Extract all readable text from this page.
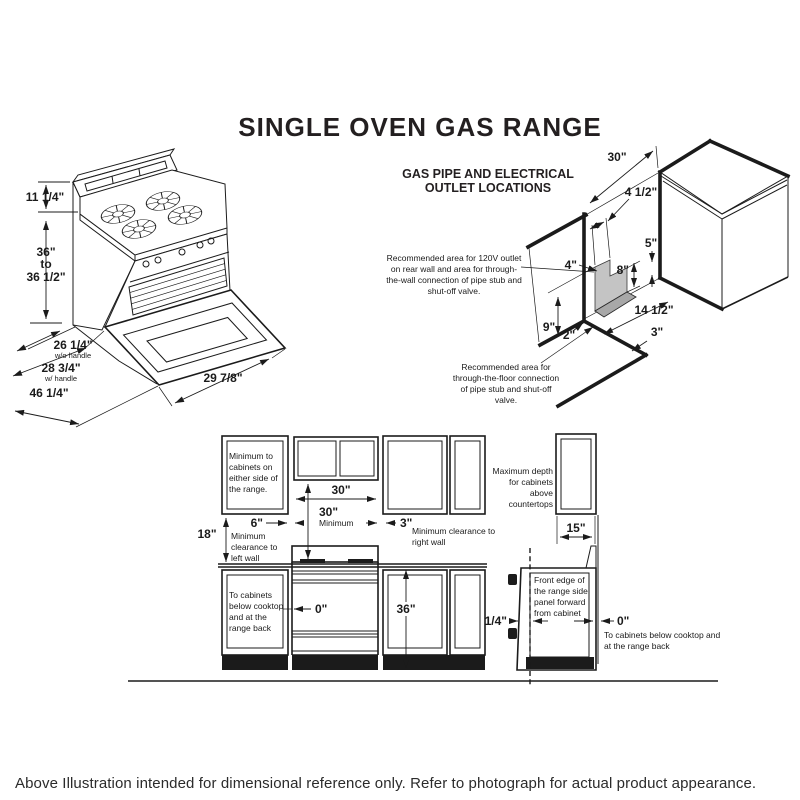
11 1/4"
36"
to
36 1/2"
26 1/4"
w/o handle
28 3/4"
w/ handle
46 1/4"
29 7/8"
30"
4 1/2"
5"
4"	8"
9"
2"
14 1/2"
3"
30"
30"
Minimum
6"
18"
3"
0"	36"
15"
1/4"	0"
SINGLE OVEN GAS RANGE
GAS PIPE AND ELECTRICAL OUTLET LOCATIONS
Recommended area for 120V outlet on rear wall and area for through-the-wall connection of pipe stub and shut-off valve.
Recommended area for through-the-floor connection of pipe stub and shut-off valve.
Minimum to cabinets on either side of the range.
Minimum clearance to left wall
Minimum clearance to right wall
To cabinets below cooktop and at the range back
Maximum depth for cabinets above countertops
Front edge of the range side panel forward from cabinet
To cabinets below cooktop and at the range back
Above Illustration intended for dimensional reference only. Refer to photograph for actual product appearance.
